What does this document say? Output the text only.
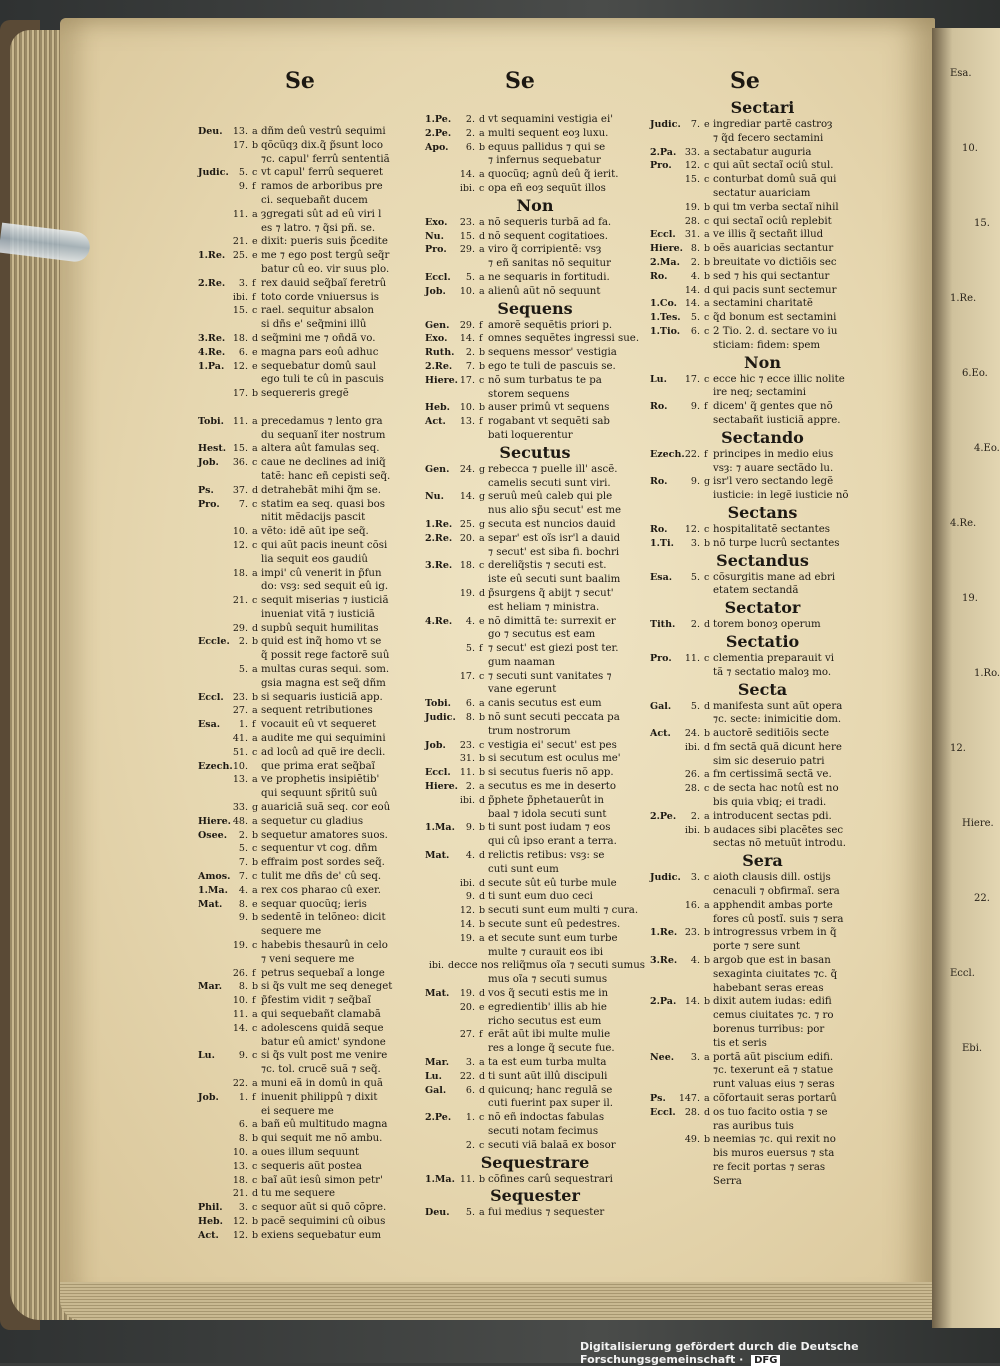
Esa.
10.
15.
1.Re.
6.Eo.
4.Eo.
4.Re.
19.
1.Ro.
12.
Hiere.
22.
Eccl.
Ebi.
Se	Se	Se
Deu.	13. a dñm deû vestrû sequimi
17. b qõcũqȝ dix.q̃ p̃sunt loco
⁊c. capul' ferrû sententiã
Judic.	5. c vt capul' ferrû sequeret
9. f ramos de arboribus pre
ci. sequebañt ducem
11. a ȝgregati sût ad eû viri l
es ⁊ latro. ⁊ q̃si pñ. se.
21. e dixit: pueris suis p̃cedite
1.Re. 25. e me ⁊ ego post tergû seq̃r
batur cû eo. vir suus plo.
2.Re.	3. f rex dauid seq̃baĩ feretrû
ibi. f toto corde vniuersus is
15. c rael. sequitur absalon
si dñs e' seq̃mini illû
3.Re. 18. d seq̃mini me ⁊ oñdã vo.
4.Re.	6. e magna pars eoû adhuc
1.Pa. 12. e sequebatur domû saul
ego tuli te cû in pascuis
17. b sequereris gregẽ
Tobi. 11. a precedamus ⁊ lento gra
du sequanĩ iter nostrum
Hest. 15. a altera aût famulas seq.
Job.	36. c caue ne declines ad iniq̃
tatẽ: hanc eñ cepisti seq̃.
Ps.	37. d detrahebãt mihi q̃m se.
Pro.	7. c statim ea seq. quasi bos
nitit mẽdacijs pascit
10. a vẽto: idẽ aũt ipe seq̃.
12. c qui aũt pacis ineunt cõsi
lia sequit eos gaudiû
18. a impi' cû venerit in p̃fun
do: vsȝ: sed sequit eû ig.
21. c sequit miserias ⁊ iusticiã
inueniat vitã ⁊ iusticiã
29. d supbû sequit humilitas
Eccle. 2. b quid est inq̃ homo vt se
q̃ possit rege factorẽ suû
5. a multas curas sequi. som.
gsia magna est seq̃ dñm
Eccl. 23. b si sequaris iusticiã app.
27. a sequent retributiones
Esa.	1. f vocauit eû vt sequeret
41. a audite me qui sequimini
51. c ad locû ad quẽ ire decli.
Ezech. 10.	que prima erat seq̃baĩ
13. a ve prophetis insipiẽtib'
qui sequunt sp̃ritû suû
33. g auariciã suã seq. cor eoû
Hiere. 48. a sequetur cu gladius
Osee.	2. b sequetur amatores suos.
5. c sequentur vt cog. dñm
7. b effraim post sordes seq̃.
Amos. 7. c tulit me dñs de' cû seq.
1.Ma.	4. a rex cos pharao cû exer.
Mat.	8. e sequar quocũq; ieris
9. b sedentẽ in telõneo: dicit
sequere me
19. c habebis thesaurû in celo
⁊ veni sequere me
26. f petrus sequebaĩ a longe
Mar.	8. b si q̃s vult me seq deneget
10. f p̃festim vidit ⁊ seq̃baĩ
11. a qui sequebañt clamabã
14. c adolescens quidã seque
batur eû amict' syndone
Lu.	9. c si q̃s vult post me venire
⁊c. tol. crucẽ suã ⁊ seq̃.
22. a muni eã in domû in quã
Job.	1. f inuenit philippû ⁊ dixit
ei sequere me
6. a bañ eû multitudo magna
8. b qui sequit me nõ ambu.
10. a oues illum sequunt
13. c sequeris aũt postea
18. c baĩ aũt iesû simon petr'
21. d tu me sequere
Phil.	3. c sequor aũt si quõ cõpre.
Heb.	12. b pacẽ sequimini cû oibus
Act.	12. b exiens sequebatur eum
1.Pe.	2. d vt sequamini vestigia ei'
2.Pe.	2. a multi sequent eoȝ luxu.
Apo.	6. b equus pallidus ⁊ qui se
⁊ infernus sequebatur
14. a quocũq; agnû deû q̃ ierit.
ibi. c opa eñ eoȝ sequũt illos
Non
Exo.	23. a nõ sequeris turbã ad fa.
Nu.	15. d nõ sequent cogitatioes.
Pro.	29. a viro q̃ corripientẽ: vsȝ
⁊ eñ sanitas nõ sequitur
Eccl.	5. a ne sequaris in fortitudi.
Job.	10. a alienû aũt nõ sequunt
Sequens
Gen.	29. f amorẽ sequẽtis priori p.
Exo.	14. f omnes sequẽtes ingressi sue.
Ruth.	2. b sequens messor' vestigia
2.Re.	7. b ego te tuli de pascuis se.
Hiere. 17. c nõ sum turbatus te pa
storem sequens
Heb.	10. b auser primû vt sequens
Act.	13. f rogabant vt sequẽti sab
bati loquerentur
Secutus
Gen.	24. g rebecca ⁊ puelle ill' ascẽ.
camelis secuti sunt viri.
Nu.	14. g seruû meû caleb qui ple
nus alio sp̃u secut' est me
1.Re. 25. g secuta est nuncios dauid
2.Re. 20. a separ' est oĩs isr'l a dauid
⁊ secut' est siba fi. bochri
3.Re. 18. c dereliq̃stis ⁊ secuti est.
iste eû secuti sunt baalim
19. d p̃surgens q̃ abijt ⁊ secut'
est heliam ⁊ ministra.
4.Re.	4. e nõ dimittã te: surrexit er
go ⁊ secutus est eam
5. f ⁊ secut' est giezi post ter.
gum naaman
17. c ⁊ secuti sunt vanitates ⁊
vane egerunt
Tobi.	6. a canis secutus est eum
Judic.	8. b nõ sunt secuti peccata pa
trum nostrorum
Job.	23. c vestigia ei' secut' est pes
31. b si secutum est oculus me'
Eccl. 11. b si secutus fueris nõ app.
Hiere. 2. a secutus es me in deserto
ibi. d p̃phete p̃phetauerût in
baal ⁊ idola secuti sunt
1.Ma.	9. b ti sunt post iudam ⁊ eos
qui cû ipso erant a terra.
Mat.	4. d relictis retibus: vsȝ: se
cuti sunt eum
ibi. d secute sût eû turbe mule
9. d ti sunt eum duo ceci
12. b secuti sunt eum multi ⁊ cura.
14. b secute sunt eû pedestres.
19. a et secute sunt eum turbe
multe ⁊ curauit eos ibi
ibi. d ecce nos reliq̃mus oĩa ⁊ secuti sumus
mus oĩa ⁊ secuti sumus
Mat.	19. d vos q̃ secuti estis me in
20. e egredientib' illis ab hie
richo secutus est eum
27. f erãt aũt ibi multe mulie
res a longe q̃ secute fue.
Mar.	3. a ta est eum turba multa
Lu.	22. d ti sunt aũt illû discipuli
Gal.	6. d quicunq; hanc regulã se
cuti fuerint pax super il.
2.Pe.	1. c nõ eñ indoctas fabulas
secuti notam fecimus
2. c secuti viã balaã ex bosor
Sequestrare
1.Ma. 11. b cõfines carû sequestrari
Sequester
Deu.	5. a fui medius ⁊ sequester
Sectari
Judic.	7. e ingrediar partẽ castroȝ
⁊ q̃d fecero sectamini
2.Pa. 33. a sectabatur auguria
Pro.	12. c qui aũt sectaĩ ociû stul.
15. c conturbat domû suã qui
sectatur auariciam
19. b qui tm verba sectaĩ nihil
28. c qui sectaĩ ociû replebit
Eccl. 31. a ve illis q̃ sectañt illud
Hiere. 8. b oẽs auaricias sectantur
2.Ma.	2. b breuitate vo dictiõis sec
Ro.	4. b sed ⁊ his qui sectantur
14. d qui pacis sunt sectemur
1.Co. 14. a sectamini charitatẽ
1.Tes.	5. c q̃d bonum est sectamini
1.Tio.	6. c 2 Tio. 2. d. sectare vo iu
sticiam: fidem: spem
Non
Lu.	17. c ecce hic ⁊ ecce illic nolite
ire neq; sectamini
Ro.	9. f dicem' q̃ gentes que nõ
sectabañt iusticiã appre.
Sectando
Ezech. 22. f principes in medio eius
vsȝ: ⁊ auare sectãdo lu.
Ro.	9. g isr'l vero sectando legẽ
iusticie: in legẽ iusticie nõ
Sectans
Ro.	12. c hospitalitatẽ sectantes
1.Ti.	3. b nõ turpe lucrû sectantes
Sectandus
Esa.	5. c cõsurgitis mane ad ebri
etatem sectandã
Sectator
Tith.	2. d torem bonoȝ operum
Sectatio
Pro.	11. c clementia preparauit vi
tã ⁊ sectatio maloȝ mo.
Secta
Gal.	5. d manifesta sunt aũt opera
⁊c. secte: inimicitie dom.
Act.	24. b auctorẽ seditiõis secte
ibi. d fm sectã quã dicunt here
sim sic deseruio patri
26. a fm certissimã sectã ve.
28. c de secta hac notû est no
bis quia vbiq; ei tradi.
2.Pe.	2. a introducent sectas pdi.
ibi. b audaces sibi placẽtes sec
sectas nõ metuũt introdu.
Sera
Judic.	3. c aioth clausis dill. ostijs
cenaculi ⁊ obfirmaĩ. sera
16. a apphendit ambas porte
fores cû postĩ. suis ⁊ sera
1.Re. 23. b introgressus vrbem in q̃
porte ⁊ sere sunt
3.Re.	4. b argob que est in basan
sexaginta ciuitates ⁊c. q̃
habebant seras ereas
2.Pa. 14. b dixit autem iudas: edifi
cemus ciuitates ⁊c. ⁊ ro
borenus turribus: por
tis et seris
Nee.	3. a portã aũt piscium edifi.
⁊c. texerunt eã ⁊ statue
runt valuas eius ⁊ seras
Ps.	147. a cõfortauit seras portarû
Eccl. 28. d os tuo facito ostia ⁊ se
ras auribus tuis
49. b neemias ⁊c. qui rexit no
bis muros euersus ⁊ sta
re fecit portas ⁊ seras
Serra
Digitalisierung gefördert durch die Deutsche Forschungsgemeinschaft · DFG
